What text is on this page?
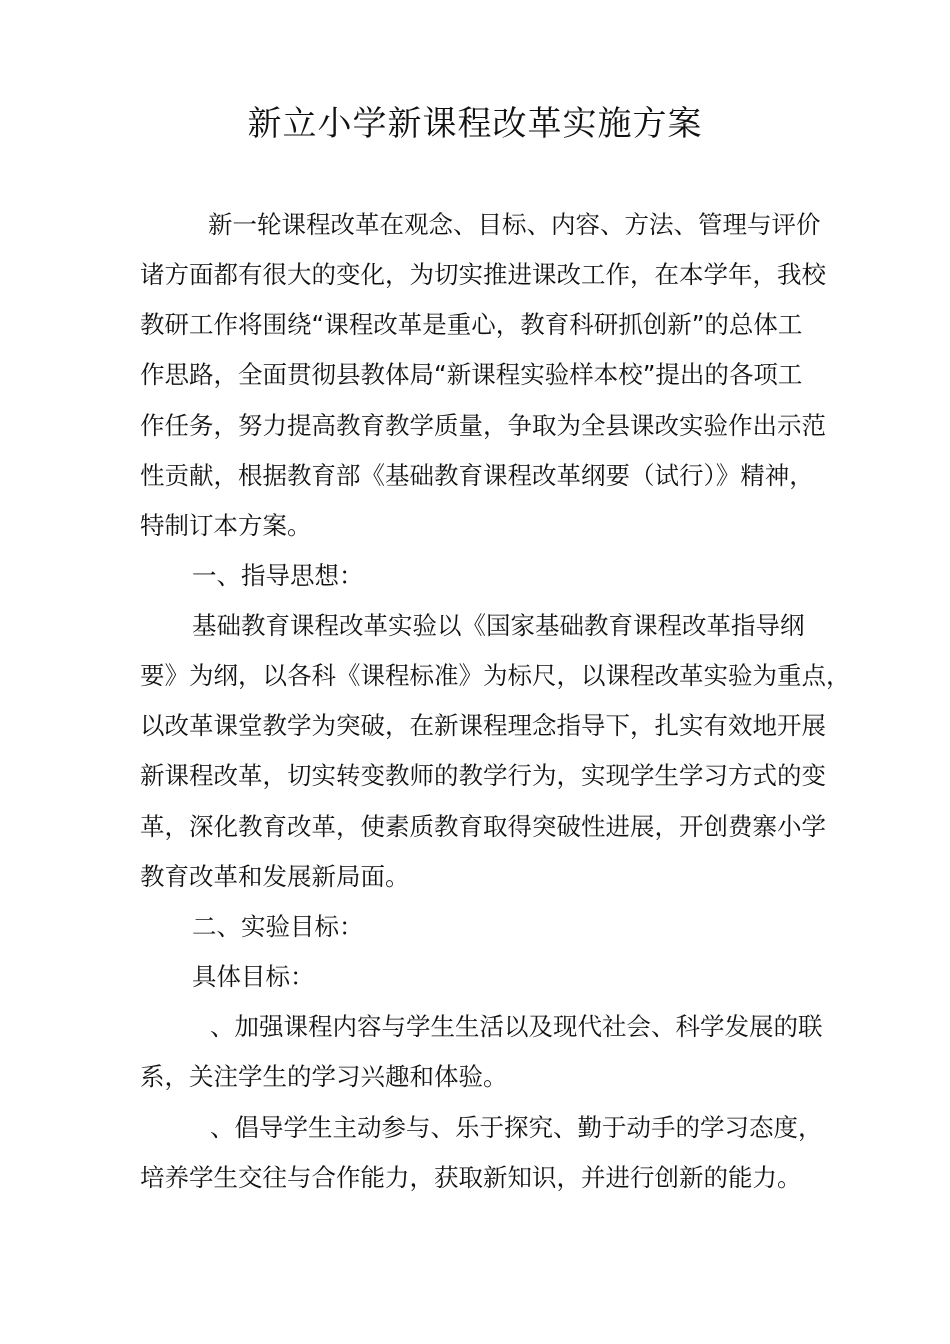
新立小学新课程改革实施方案

新一轮课程改革在观念、目标、内容、方法、管理与评价

诸方面都有很大的变化，为切实推进课改工作，在本学年，我校

教研工作将围绕“课程改革是重心，教育科研抓创新”的总体工

作思路，全面贯彻县教体局“新课程实验样本校”提出的各项工

作任务，努力提高教育教学质量，争取为全县课改实验作出示范

性贡献，根据教育部《基础教育课程改革纲要（试行）》精神，

特制订本方案。

一、指导思想：

基础教育课程改革实验以《国家基础教育课程改革指导纲

要》为纲，以各科《课程标准》为标尺，以课程改革实验为重点，

以改革课堂教学为突破，在新课程理念指导下，扎实有效地开展

新课程改革，切实转变教师的教学行为，实现学生学习方式的变

革，深化教育改革，使素质教育取得突破性进展，开创费寨小学

教育改革和发展新局面。

二、实验目标：

具体目标：

、加强课程内容与学生生活以及现代社会、科学发展的联

系，关注学生的学习兴趣和体验。

、倡导学生主动参与、乐于探究、勤于动手的学习态度，

培养学生交往与合作能力，获取新知识，并进行创新的能力。
